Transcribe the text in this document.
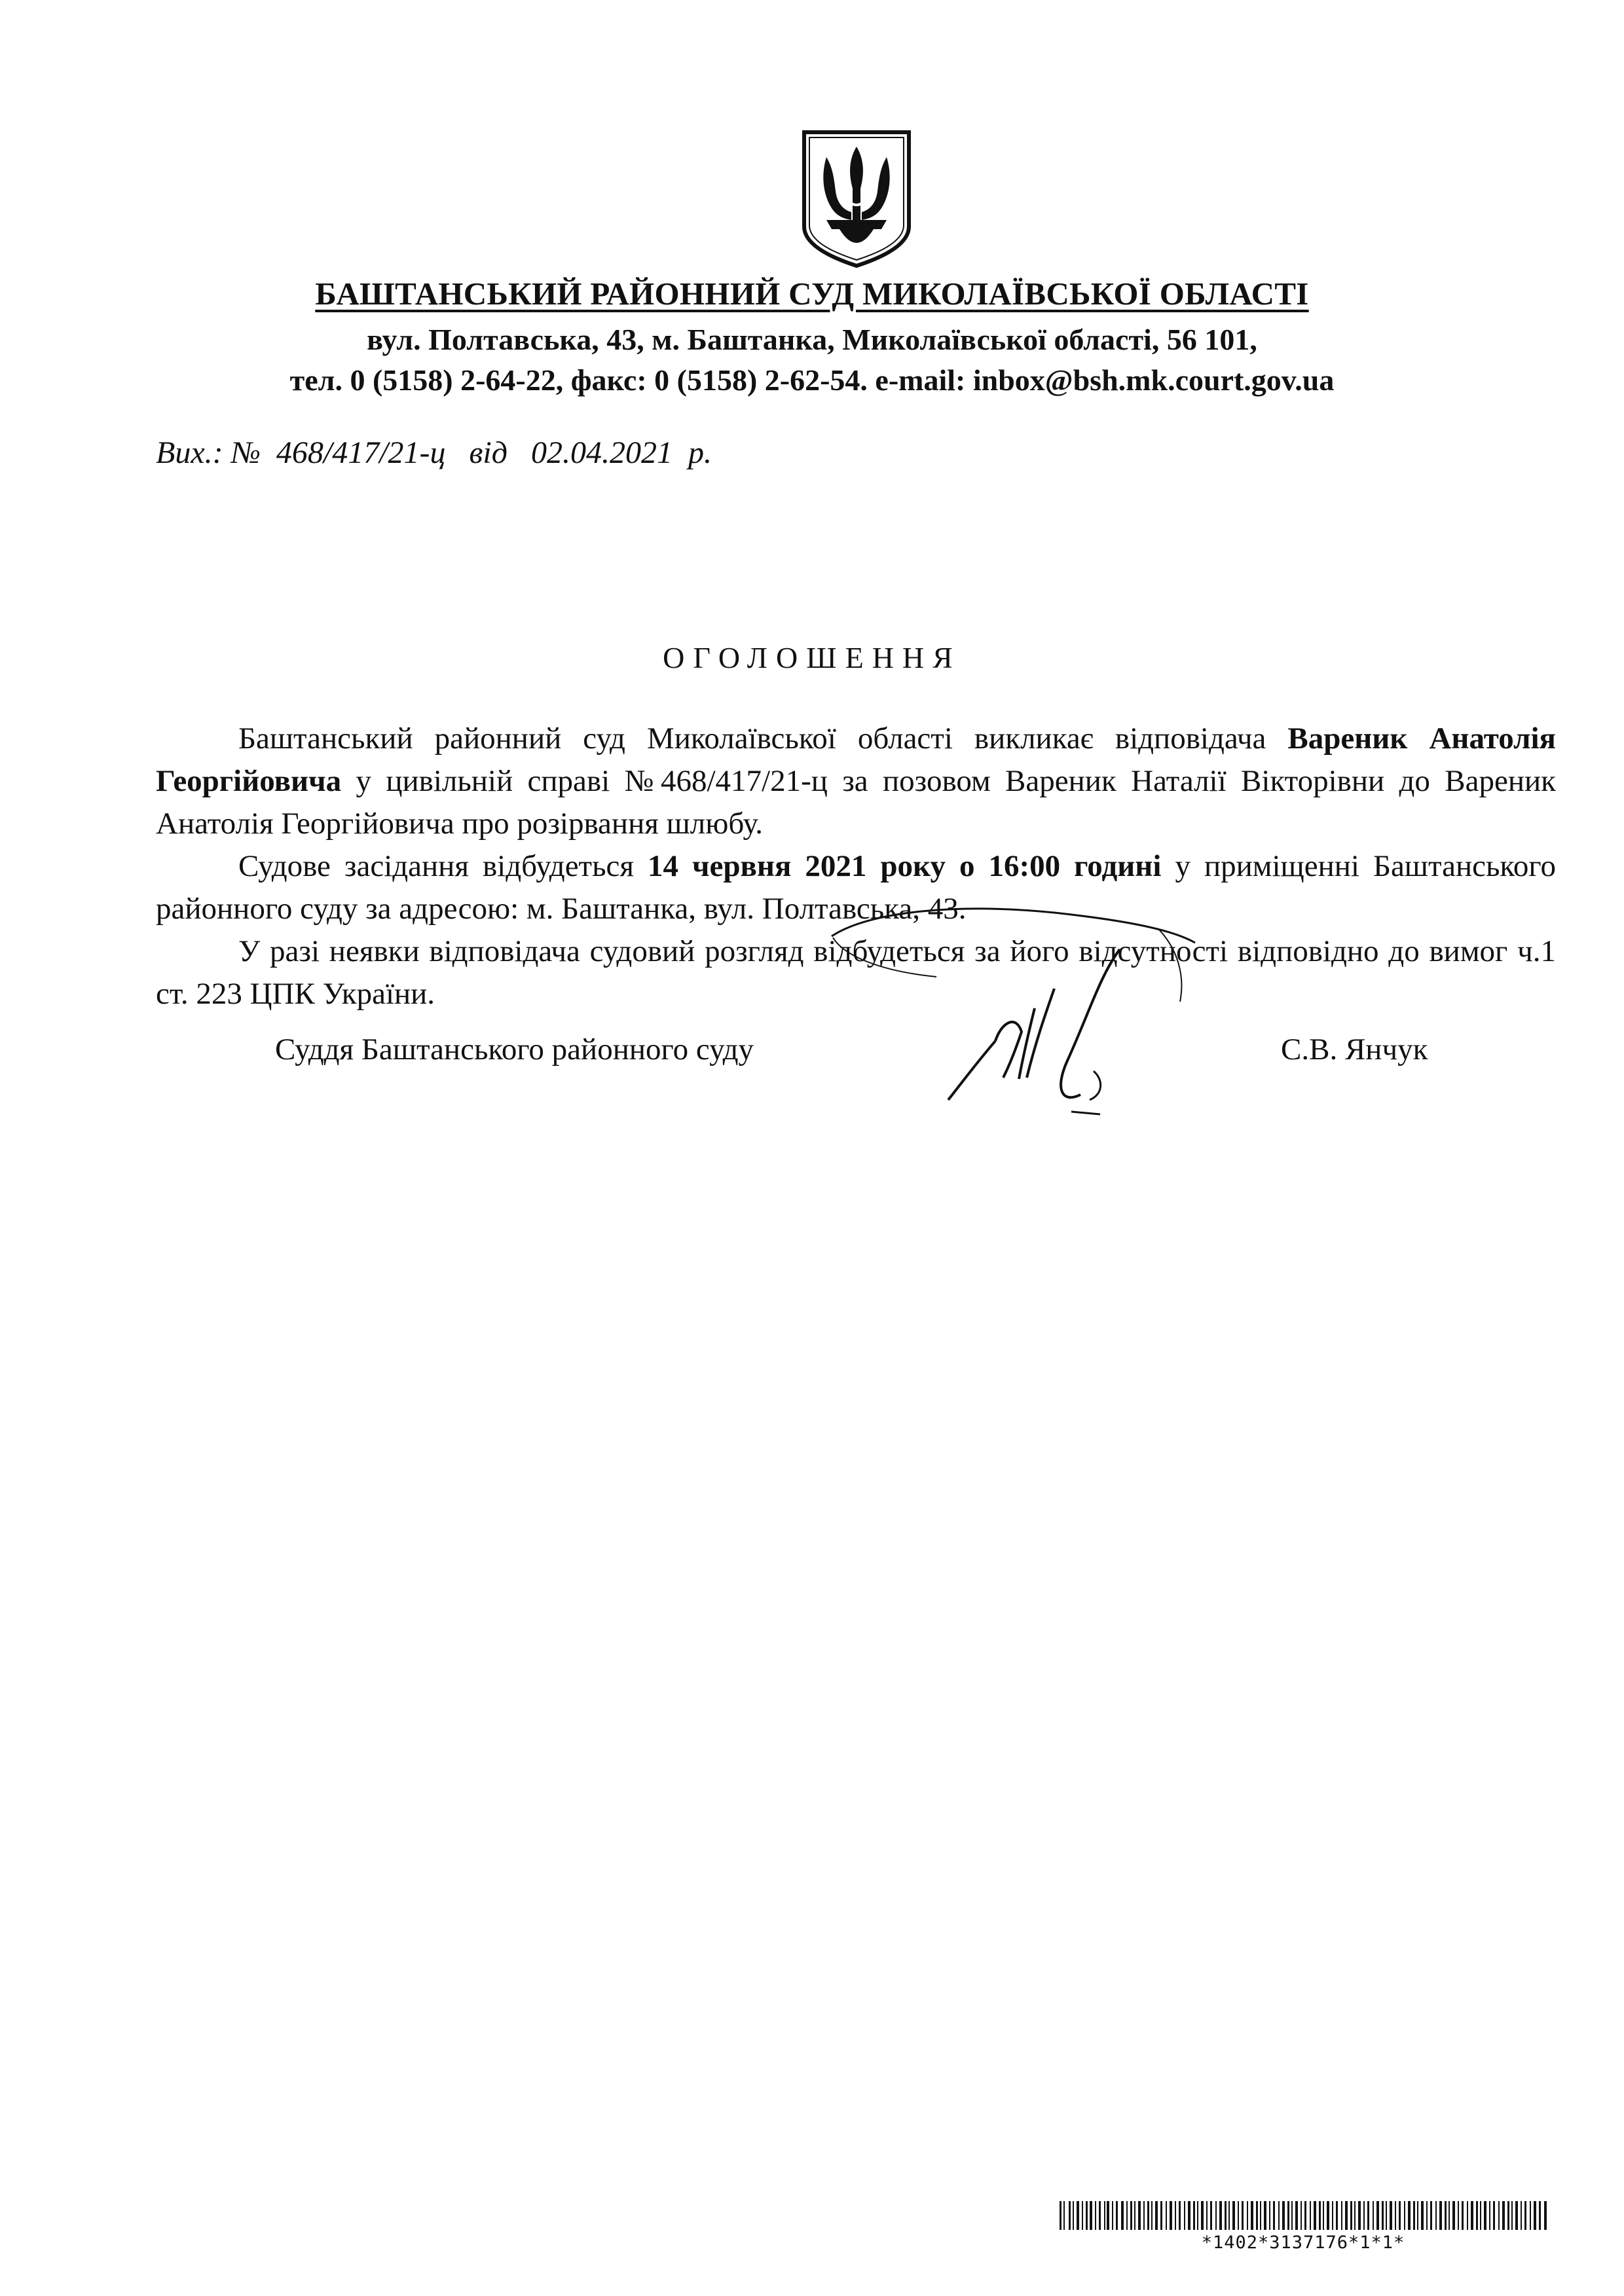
БАШТАНСЬКИЙ РАЙОННИЙ СУД МИКОЛАЇВСЬКОЇ ОБЛАСТІ
вул. Полтавська, 43, м. Баштанка, Миколаївської області, 56 101,
тел. 0 (5158) 2-64-22, факс: 0 (5158) 2-62-54. e-mail: inbox@bsh.mk.court.gov.ua
Вих.: №  468/417/21-ц   від   02.04.2021  р.
ОГОЛОШЕННЯ

Баштанський районний суд Миколаївської області викликає відповідача Вареник Анатолія Георгійовича у цивільній справі №468/417/21-ц за позовом Вареник Наталії Вікторівни до Вареник Анатолія Георгійовича про розірвання шлюбу.

Судове засідання відбудеться 14 червня 2021 року о 16:00 годині у приміщенні Баштанського районного суду за адресою: м. Баштанка, вул. Полтавська, 43.

У разі неявки відповідача судовий розгляд відбудеться за його відсутності відповідно до вимог ч.1 ст. 223 ЦПК України.

Суддя Баштанського районного суду	С.В. Янчук
*1402*3137176*1*1*
